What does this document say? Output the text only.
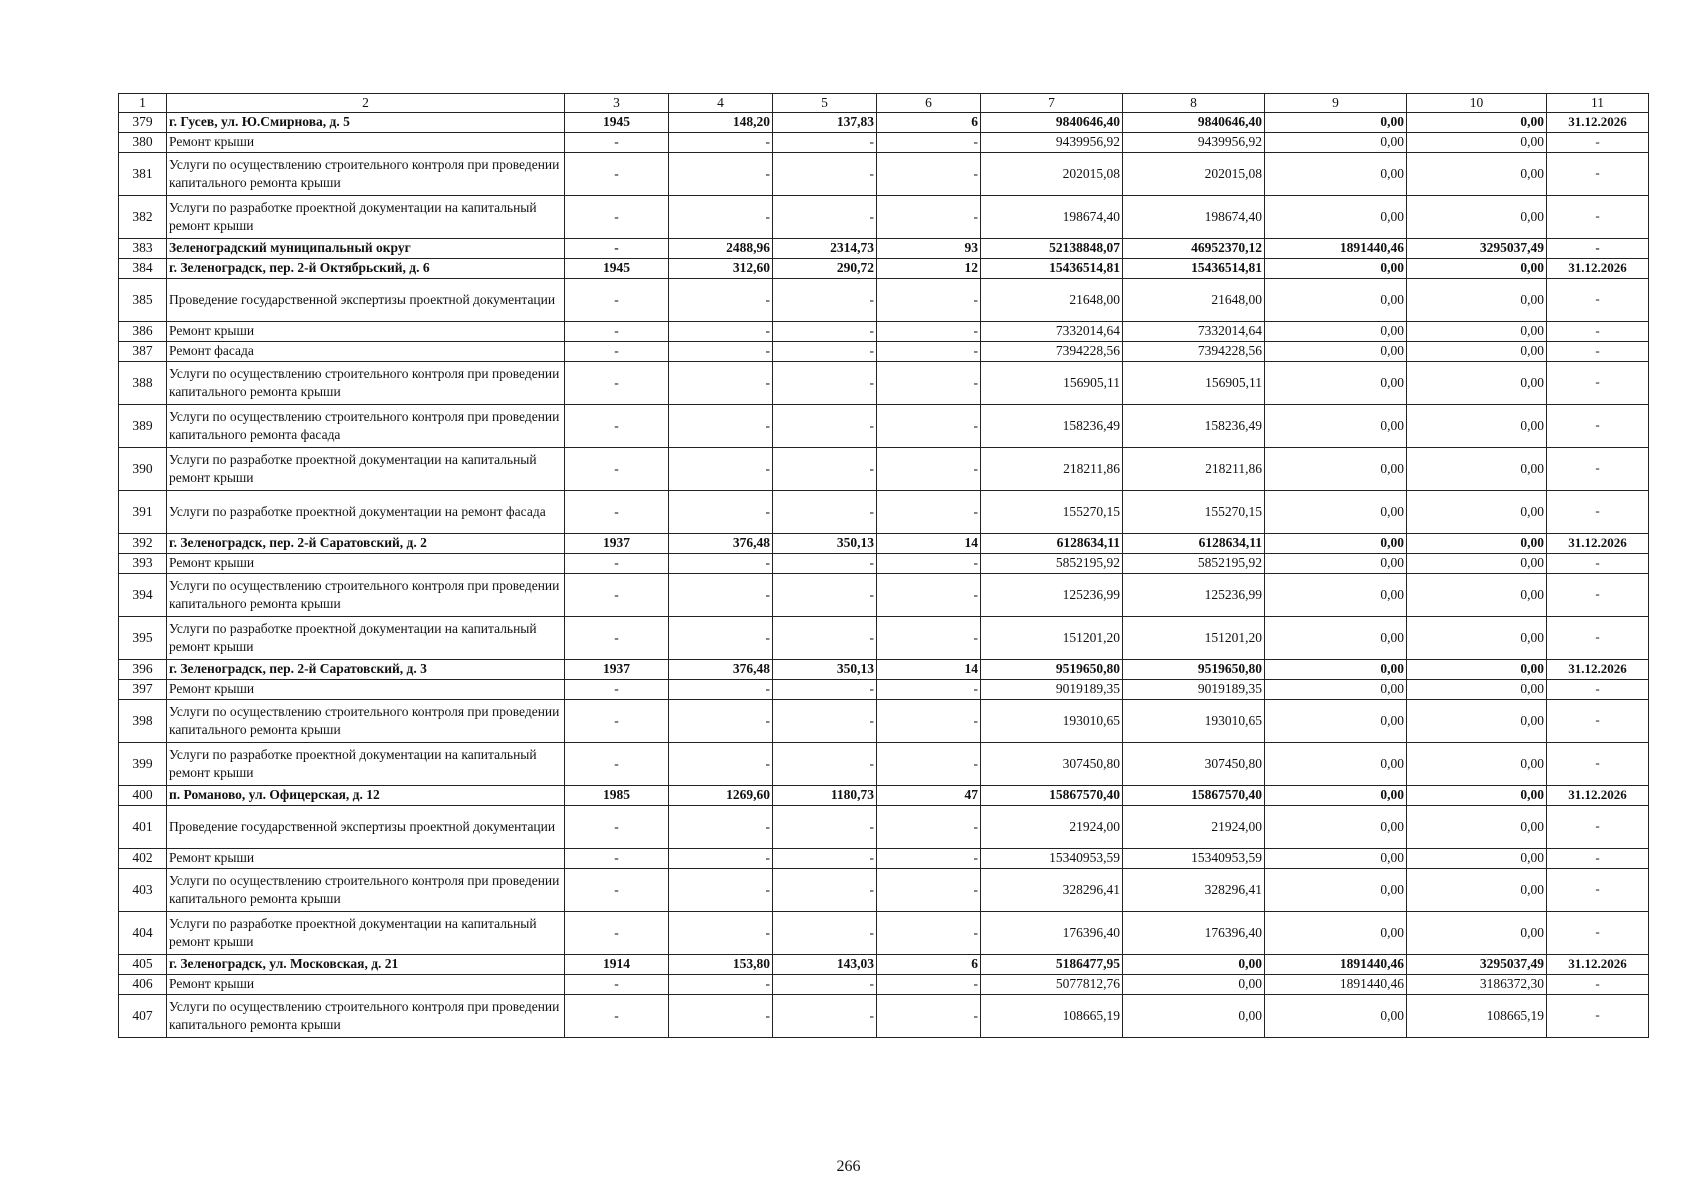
1	2	3	4	5	6	7	8	9	10	11
379	г. Гусев, ул. Ю.Смирнова, д. 5	1945	148,20	137,83	6	9840646,40	9840646,40	0,00	0,00	31.12.2026
380	Ремонт крыши	-	-	-	-	9439956,92	9439956,92	0,00	0,00	-
381	Услуги по осуществлению строительного контроля при проведении капитального ремонта крыши	-	-	-	-	202015,08	202015,08	0,00	0,00	-
382	Услуги по разработке проектной документации на капитальный ремонт крыши	-	-	-	-	198674,40	198674,40	0,00	0,00	-
383	Зеленоградский муниципальный округ	-	2488,96	2314,73	93	52138848,07	46952370,12	1891440,46	3295037,49	-
384	г. Зеленоградск, пер. 2-й Октябрьский, д. 6	1945	312,60	290,72	12	15436514,81	15436514,81	0,00	0,00	31.12.2026
385	Проведение государственной экспертизы проектной документации	-	-	-	-	21648,00	21648,00	0,00	0,00	-
386	Ремонт крыши	-	-	-	-	7332014,64	7332014,64	0,00	0,00	-
387	Ремонт фасада	-	-	-	-	7394228,56	7394228,56	0,00	0,00	-
388	Услуги по осуществлению строительного контроля при проведении капитального ремонта крыши	-	-	-	-	156905,11	156905,11	0,00	0,00	-
389	Услуги по осуществлению строительного контроля при проведении капитального ремонта фасада	-	-	-	-	158236,49	158236,49	0,00	0,00	-
390	Услуги по разработке проектной документации на капитальный ремонт крыши	-	-	-	-	218211,86	218211,86	0,00	0,00	-
391	Услуги по разработке проектной документации на ремонт фасада	-	-	-	-	155270,15	155270,15	0,00	0,00	-
392	г. Зеленоградск, пер. 2-й Саратовский, д. 2	1937	376,48	350,13	14	6128634,11	6128634,11	0,00	0,00	31.12.2026
393	Ремонт крыши	-	-	-	-	5852195,92	5852195,92	0,00	0,00	-
394	Услуги по осуществлению строительного контроля при проведении капитального ремонта крыши	-	-	-	-	125236,99	125236,99	0,00	0,00	-
395	Услуги по разработке проектной документации на капитальный ремонт крыши	-	-	-	-	151201,20	151201,20	0,00	0,00	-
396	г. Зеленоградск, пер. 2-й Саратовский, д. 3	1937	376,48	350,13	14	9519650,80	9519650,80	0,00	0,00	31.12.2026
397	Ремонт крыши	-	-	-	-	9019189,35	9019189,35	0,00	0,00	-
398	Услуги по осуществлению строительного контроля при проведении капитального ремонта крыши	-	-	-	-	193010,65	193010,65	0,00	0,00	-
399	Услуги по разработке проектной документации на капитальный ремонт крыши	-	-	-	-	307450,80	307450,80	0,00	0,00	-
400	п. Романово, ул. Офицерская, д. 12	1985	1269,60	1180,73	47	15867570,40	15867570,40	0,00	0,00	31.12.2026
401	Проведение государственной экспертизы проектной документации	-	-	-	-	21924,00	21924,00	0,00	0,00	-
402	Ремонт крыши	-	-	-	-	15340953,59	15340953,59	0,00	0,00	-
403	Услуги по осуществлению строительного контроля при проведении капитального ремонта крыши	-	-	-	-	328296,41	328296,41	0,00	0,00	-
404	Услуги по разработке проектной документации на капитальный ремонт крыши	-	-	-	-	176396,40	176396,40	0,00	0,00	-
405	г. Зеленоградск, ул. Московская, д. 21	1914	153,80	143,03	6	5186477,95	0,00	1891440,46	3295037,49	31.12.2026
406	Ремонт крыши	-	-	-	-	5077812,76	0,00	1891440,46	3186372,30	-
407	Услуги по осуществлению строительного контроля при проведении капитального ремонта крыши	-	-	-	-	108665,19	0,00	0,00	108665,19	-
266
